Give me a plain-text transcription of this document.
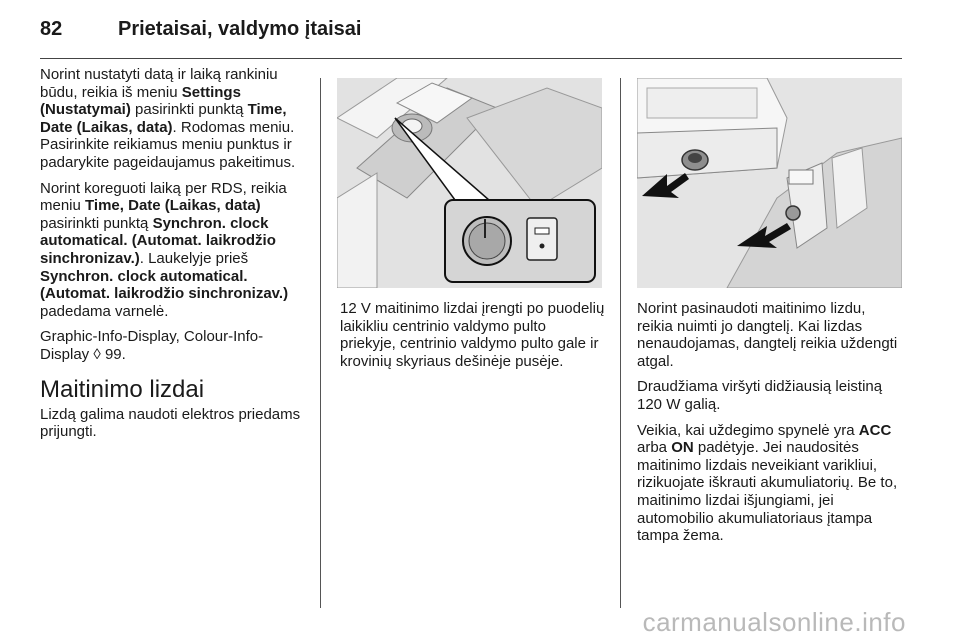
82	Prietaisai, valdymo įtaisai

Norint nustatyti datą ir laiką rankiniu būdu, reikia iš meniu Settings (Nustatymai) pasirinkti punktą Time, Date (Laikas, data). Rodomas meniu. Pasirinkite reikiamus meniu punktus ir padarykite pageidaujamus pakeitimus.

Norint koreguoti laiką per RDS, reikia meniu Time, Date (Laikas, data) pasirinkti punktą Synchron. clock automatical. (Automat. laikrodžio sinchronizav.). Laukelyje prieš Synchron. clock automatical. (Automat. laikrodžio sinchronizav.) padedama varnelė.

Graphic-Info-Display, Colour-Info-Display ◊ 99.

Maitinimo lizdai

Lizdą galima naudoti elektros priedams prijungti.

12 V maitinimo lizdai įrengti po puodelių laikikliu centrinio valdymo pulto priekyje, centrinio valdymo pulto gale ir krovinių skyriaus dešinėje pusėje.

Norint pasinaudoti maitinimo lizdu, reikia nuimti jo dangtelį. Kai lizdas nenaudojamas, dangtelį reikia uždengti atgal.

Draudžiama viršyti didžiausią leistiną 120 W galią.

Veikia, kai uždegimo spynelė yra ACC arba ON padėtyje. Jei naudositės maitinimo lizdais neveikiant varikliui, rizikuojate iškrauti akumuliatorių. Be to, maitinimo lizdai išjungiami, jei automobilio akumuliatoriaus įtampa tampa žema.

carmanualsonline.info
